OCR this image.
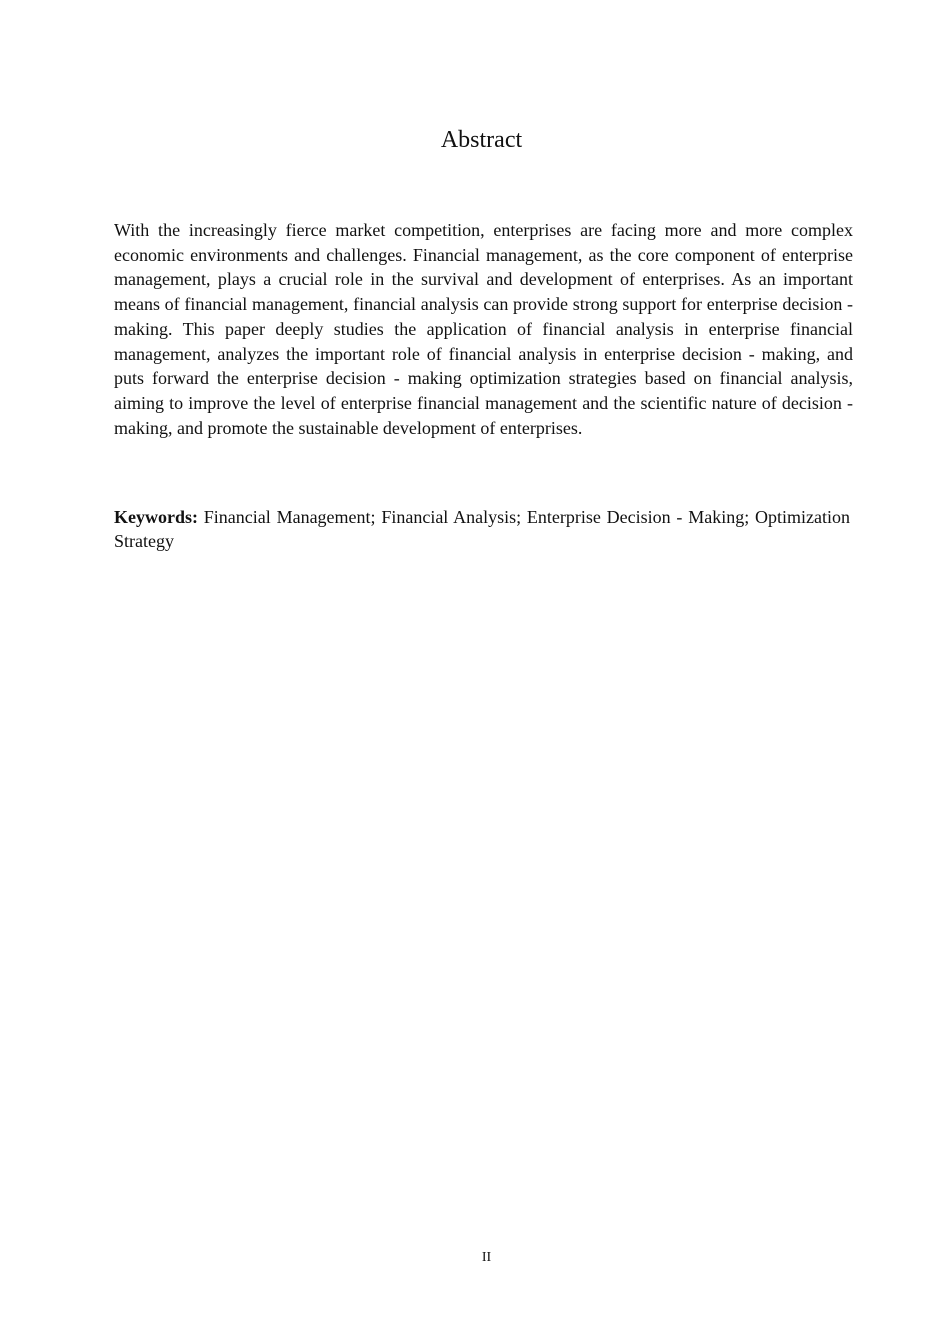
Abstract

With the increasingly fierce market competition, enterprises are facing more and more complex economic environments and challenges. Financial management, as the core component of enterprise management, plays a crucial role in the survival and development of enterprises. As an important means of financial management, financial analysis can provide strong support for enterprise decision - making. This paper deeply studies the application of financial analysis in enterprise financial management, analyzes the important role of financial analysis in enterprise decision - making, and puts forward the enterprise decision - making optimization strategies based on financial analysis, aiming to improve the level of enterprise financial management and the scientific nature of decision - making, and promote the sustainable development of enterprises.

Keywords: Financial Management; Financial Analysis; Enterprise Decision - Making; Optimization Strategy

II
